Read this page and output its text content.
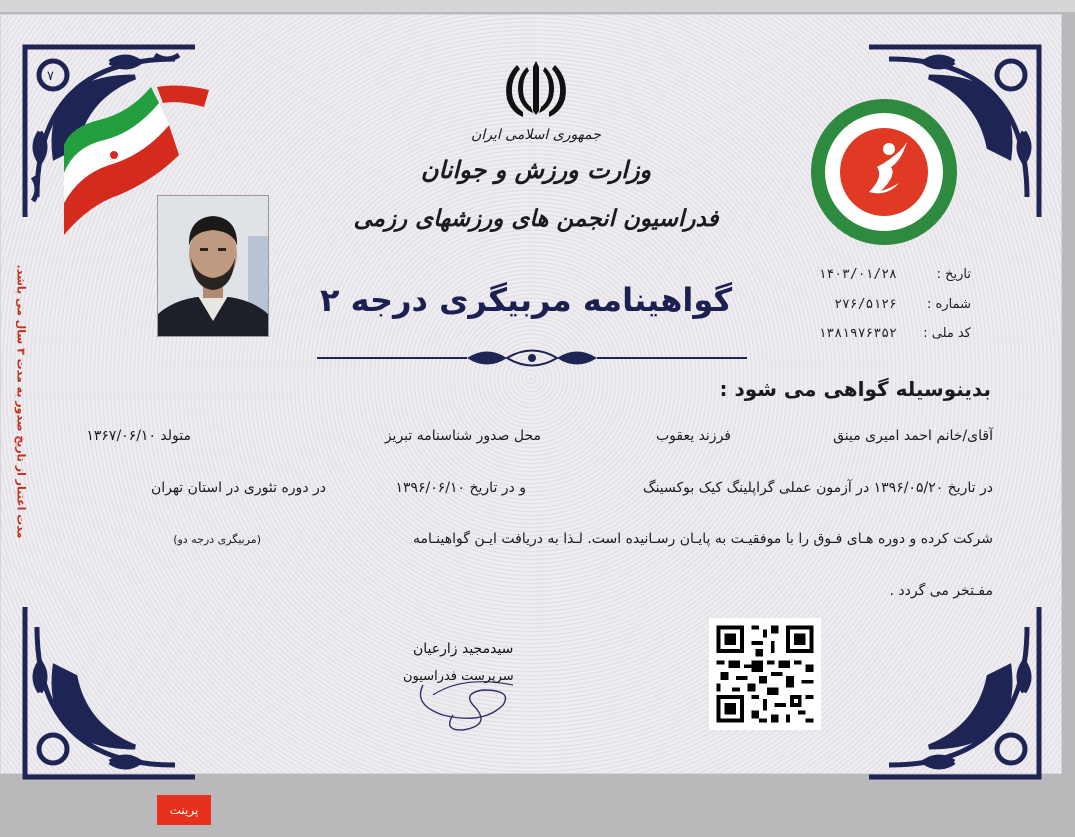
۷
جمهوری اسلامی ایران
وزارت ورزش و جوانان
فدراسیون انجمن های ورزشهای رزمی
تاریخ : ۱۴۰۳/۰۱/۲۸
شماره : ۲۷۶/۵۱۲۶
کد ملی : ۱۳۸۱۹۷۶۳۵۲
گواهینامه مربیگری درجه ۲
بدینوسیله گواهی می شود :
آقای/خانم احمد امیری مینق
فرزند یعقوب
محل صدور شناسنامه تبریز
متولد ۱۳۶۷/۰۶/۱۰
در تاریخ ۱۳۹۶/۰۵/۲۰ در آزمون عملی گراپلینگ کیک بوکسینگ
و در تاریخ ۱۳۹۶/۰۶/۱۰
در دوره تئوری در استان تهران
شرکت کرده و دوره هـای فـوق را با موفقیـت به پایـان رسـانیده است. لـذا به دریافت ایـن گواهینـامه
(مربیگری درجه دو)
مفـتخر می گردد .
سیدمجید زارعیان
سرپرست فدراسیون
مدت اعتبار از تاریخ صدور به مدت ۳ سال می باشد.
پرینت
